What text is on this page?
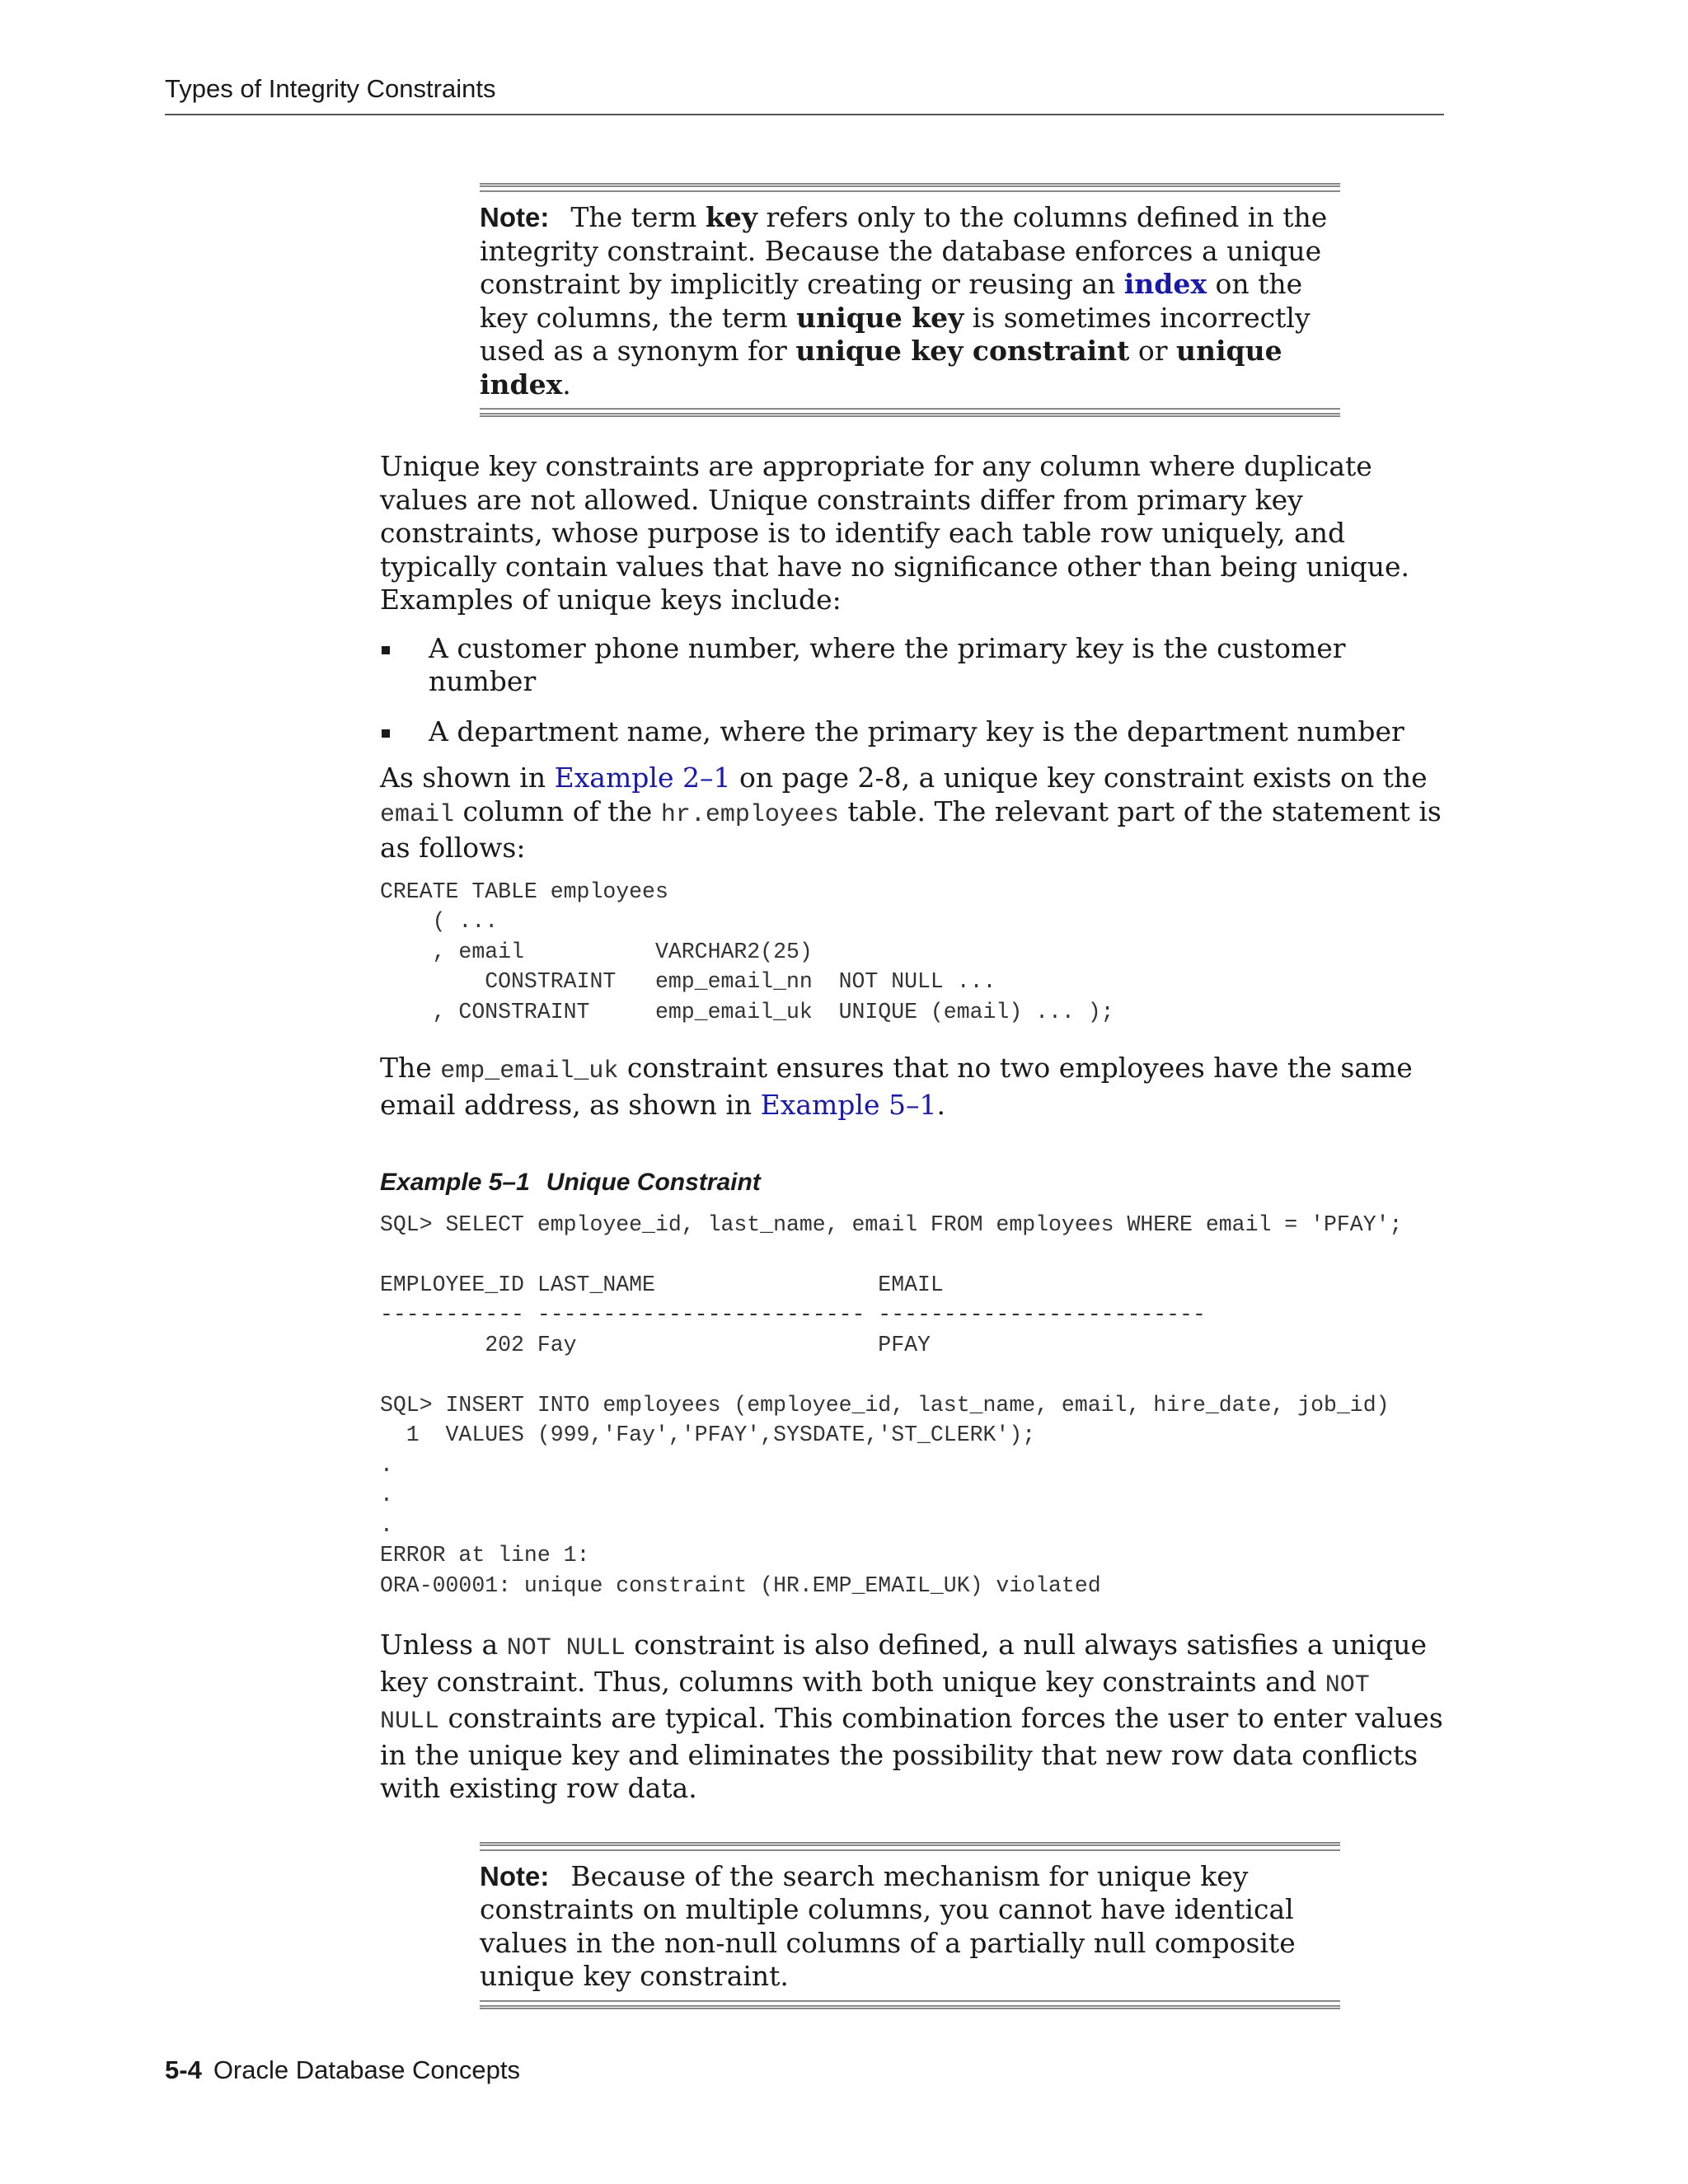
Types of Integrity Constraints

Note: The term key refers only to the columns defined in the integrity constraint. Because the database enforces a unique constraint by implicitly creating or reusing an index on the key columns, the term unique key is sometimes incorrectly used as a synonym for unique key constraint or unique index.

Unique key constraints are appropriate for any column where duplicate values are not allowed. Unique constraints differ from primary key constraints, whose purpose is to identify each table row uniquely, and typically contain values that have no significance other than being unique. Examples of unique keys include:

A customer phone number, where the primary key is the customer number
A department name, where the primary key is the department number

As shown in Example 2–1 on page 2-8, a unique key constraint exists on the email column of the hr.employees table. The relevant part of the statement is as follows:

CREATE TABLE employees
( ...
, email          VARCHAR2(25)
CONSTRAINT   emp_email_nn  NOT NULL ...
, CONSTRAINT     emp_email_uk  UNIQUE (email) ... );

The emp_email_uk constraint ensures that no two employees have the same email address, as shown in Example 5–1.

Example 5–1 Unique Constraint
SQL> SELECT employee_id, last_name, email FROM employees WHERE email = 'PFAY';

EMPLOYEE_ID LAST_NAME                 EMAIL
----------- ------------------------- -------------------------
202 Fay                       PFAY

SQL> INSERT INTO employees (employee_id, last_name, email, hire_date, job_id)
1  VALUES (999,'Fay','PFAY',SYSDATE,'ST_CLERK');
.
.
.
ERROR at line 1:
ORA-00001: unique constraint (HR.EMP_EMAIL_UK) violated

Unless a NOT NULL constraint is also defined, a null always satisfies a unique key constraint. Thus, columns with both unique key constraints and NOT NULL constraints are typical. This combination forces the user to enter values in the unique key and eliminates the possibility that new row data conflicts with existing row data.

Note: Because of the search mechanism for unique key constraints on multiple columns, you cannot have identical values in the non-null columns of a partially null composite unique key constraint.

5-4 Oracle Database Concepts
